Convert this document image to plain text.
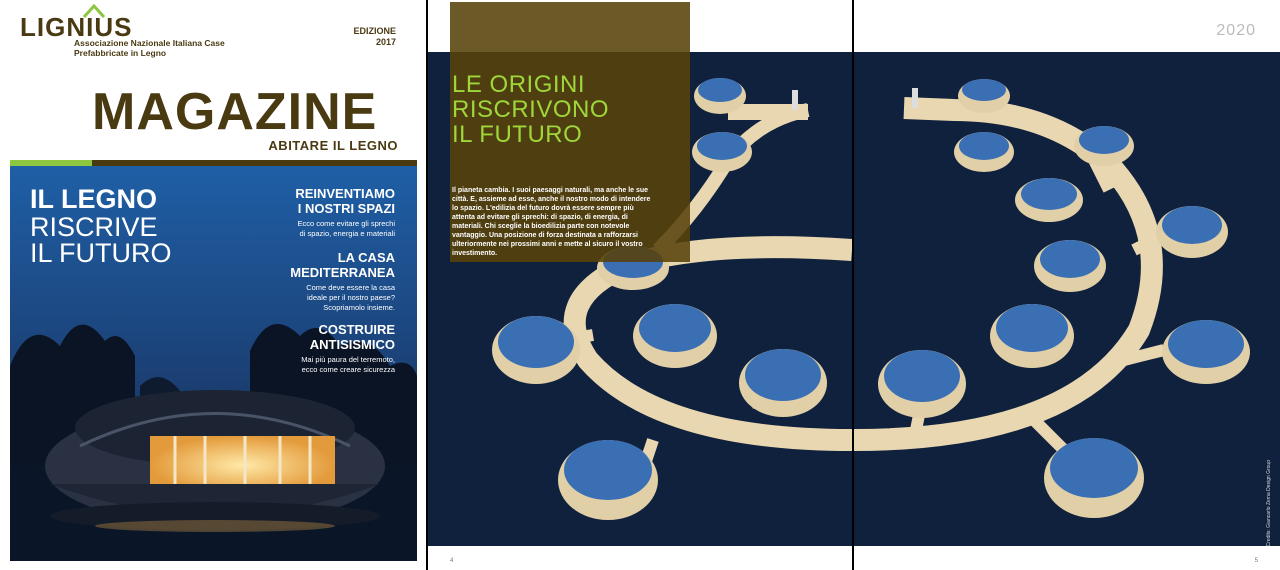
LIGNIUS
Associazione Nazionale Italiana Case Prefabbricate in Legno
EDIZIONE
2017
MAGAZINE
ABITARE IL LEGNO
IL LEGNO
RISCRIVE
IL FUTURO
REINVENTIAMO
I NOSTRI SPAZI
Ecco come evitare gli sprechi
di spazio, energia e materiali
LA CASA
MEDITERRANEA
Come deve essere la casa
ideale per il nostro paese?
Scopriamolo insieme.
COSTRUIRE
ANTISISMICO
Mai più paura del terremoto,
ecco come creare sicurezza
LE ORIGINI
RISCRIVONO
IL FUTURO
Il pianeta cambia. I suoi paesaggi naturali, ma anche le sue città. E, assieme ad esse, anche il nostro modo di intendere lo spazio. L'edilizia del futuro dovrà essere sempre più attenta ad evitare gli sprechi: di spazio, di energia, di materiali. Chi sceglie la bioedilizia parte con notevole vantaggio. Una posizione di forza destinata a rafforzarsi ulteriormente nei prossimi anni e mette al sicuro il vostro investimento.
4
2020
Credits: Giancarlo Zema Design Group
5
